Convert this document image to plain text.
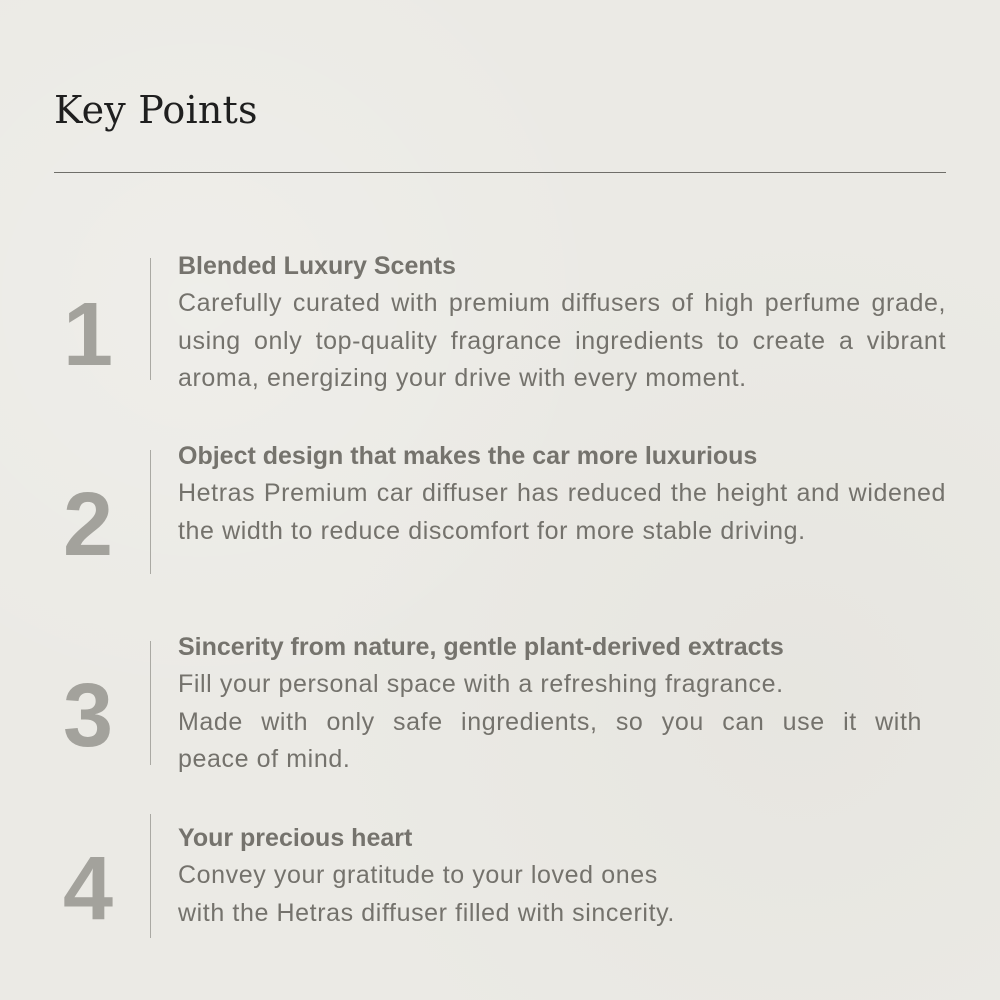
Key Points
1

Blended Luxury Scents

Carefully curated with premium diffusers of high perfume grade, using only top-quality fragrance ingredients to create a vibrant aroma, energizing your drive with every moment.

2

Object design that makes the car more luxurious

Hetras Premium car diffuser has reduced the height and widened the width to reduce discomfort for more stable driving.

3

Sincerity from nature, gentle plant-derived extracts

Fill your personal space with a refreshing fragrance.
Made with only safe ingredients, so you can use it with
peace of mind.

4

Your precious heart

Convey your gratitude to your loved ones
with the Hetras diffuser filled with sincerity.
